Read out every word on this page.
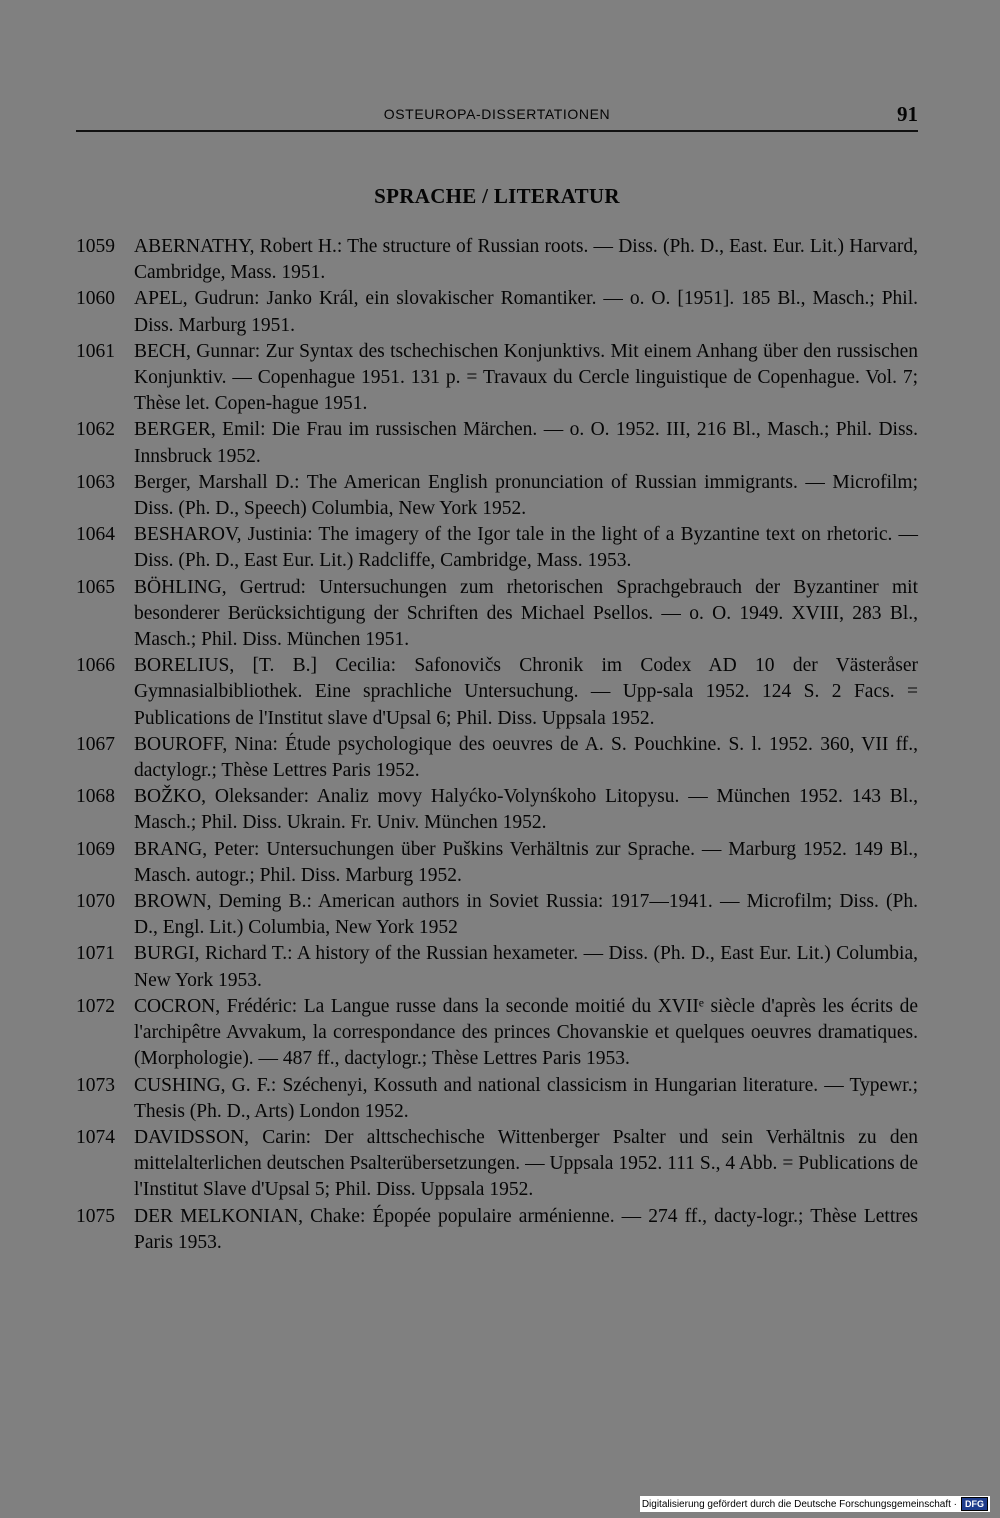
OSTEUROPA-DISSERTATIONEN	91
SPRACHE / LITERATUR
1059 ABERNATHY, Robert H.: The structure of Russian roots. — Diss. (Ph. D., East. Eur. Lit.) Harvard, Cambridge, Mass. 1951.
1060 APEL, Gudrun: Janko Král, ein slovakischer Romantiker. — o. O. [1951]. 185 Bl., Masch.; Phil. Diss. Marburg 1951.
1061 BECH, Gunnar: Zur Syntax des tschechischen Konjunktivs. Mit einem Anhang über den russischen Konjunktiv. — Copenhague 1951. 131 p. = Travaux du Cercle linguistique de Copenhague. Vol. 7; Thèse let. Copen-hague 1951.
1062 BERGER, Emil: Die Frau im russischen Märchen. — o. O. 1952. III, 216 Bl., Masch.; Phil. Diss. Innsbruck 1952.
1063 Berger, Marshall D.: The American English pronunciation of Russian immigrants. — Microfilm; Diss. (Ph. D., Speech) Columbia, New York 1952.
1064 BESHAROV, Justinia: The imagery of the Igor tale in the light of a Byzantine text on rhetoric. — Diss. (Ph. D., East Eur. Lit.) Radcliffe, Cambridge, Mass. 1953.
1065 BÖHLING, Gertrud: Untersuchungen zum rhetorischen Sprachgebrauch der Byzantiner mit besonderer Berücksichtigung der Schriften des Michael Psellos. — o. O. 1949. XVIII, 283 Bl., Masch.; Phil. Diss. München 1951.
1066 BORELIUS, [T. B.] Cecilia: Safonovičs Chronik im Codex AD 10 der Västeråser Gymnasialbibliothek. Eine sprachliche Untersuchung. — Upp-sala 1952. 124 S. 2 Facs. = Publications de l'Institut slave d'Upsal 6; Phil. Diss. Uppsala 1952.
1067 BOUROFF, Nina: Étude psychologique des oeuvres de A. S. Pouchkine. S. l. 1952. 360, VII ff., dactylogr.; Thèse Lettres Paris 1952.
1068 BOŽKO, Oleksander: Analiz movy Halyćko-Volynśkoho Litopysu. — München 1952. 143 Bl., Masch.; Phil. Diss. Ukrain. Fr. Univ. München 1952.
1069 BRANG, Peter: Untersuchungen über Puškins Verhältnis zur Sprache. — Marburg 1952. 149 Bl., Masch. autogr.; Phil. Diss. Marburg 1952.
1070 BROWN, Deming B.: American authors in Soviet Russia: 1917—1941. — Microfilm; Diss. (Ph. D., Engl. Lit.) Columbia, New York 1952
1071 BURGI, Richard T.: A history of the Russian hexameter. — Diss. (Ph. D., East Eur. Lit.) Columbia, New York 1953.
1072 COCRON, Frédéric: La Langue russe dans la seconde moitié du XVIIᵉ siècle d'après les écrits de l'archipêtre Avvakum, la correspondance des princes Chovanskie et quelques oeuvres dramatiques. (Morphologie). — 487 ff., dactylogr.; Thèse Lettres Paris 1953.
1073 CUSHING, G. F.: Széchenyi, Kossuth and national classicism in Hungarian literature. — Typewr.; Thesis (Ph. D., Arts) London 1952.
1074 DAVIDSSON, Carin: Der alttschechische Wittenberger Psalter und sein Verhältnis zu den mittelalterlichen deutschen Psalterübersetzungen. — Uppsala 1952. 111 S., 4 Abb. = Publications de l'Institut Slave d'Upsal 5; Phil. Diss. Uppsala 1952.
1075 DER MELKONIAN, Chake: Épopée populaire arménienne. — 274 ff., dacty-logr.; Thèse Lettres Paris 1953.
Digitalisierung gefördert durch die Deutsche Forschungsgemeinschaft · DFG
